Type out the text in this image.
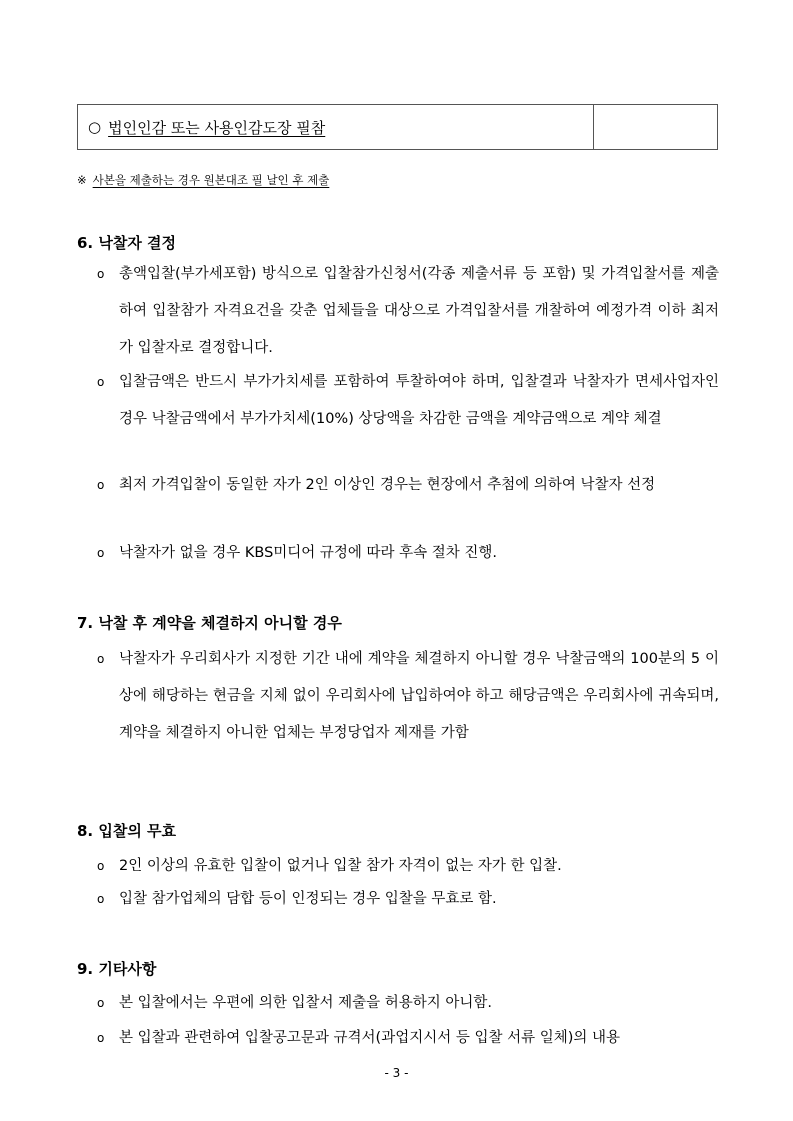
○ 법인인감 또는 사용인감도장 필참
※ 사본을 제출하는 경우 원본대조 필 날인 후 제출
6. 낙찰자 결정
o 총액입찰(부가세포함) 방식으로 입찰참가신청서(각종 제출서류 등 포함) 및 가격입찰서를 제출하여 입찰참가 자격요건을 갖춘 업체들을 대상으로 가격입찰서를 개찰하여 예정가격 이하 최저가 입찰자로 결정합니다.
o 입찰금액은 반드시 부가가치세를 포함하여 투찰하여야 하며, 입찰결과 낙찰자가 면세사업자인 경우 낙찰금액에서 부가가치세(10%) 상당액을 차감한 금액을 계약금액으로 계약 체결
o 최저 가격입찰이 동일한 자가 2인 이상인 경우는 현장에서 추첨에 의하여 낙찰자 선정
o 낙찰자가 없을 경우 KBS미디어 규정에 따라 후속 절차 진행.
7. 낙찰 후 계약을 체결하지 아니할 경우
o 낙찰자가 우리회사가 지정한 기간 내에 계약을 체결하지 아니할 경우 낙찰금액의 100분의 5 이상에 해당하는 현금을 지체 없이 우리회사에 납입하여야 하고 해당금액은 우리회사에 귀속되며, 계약을 체결하지 아니한 업체는 부정당업자 제재를 가함
8. 입찰의 무효
o 2인 이상의 유효한 입찰이 없거나 입찰 참가 자격이 없는 자가 한 입찰.
o 입찰 참가업체의 담합 등이 인정되는 경우 입찰을 무효로 함.
9. 기타사항
o 본 입찰에서는 우편에 의한 입찰서 제출을 허용하지 아니함.
o 본 입찰과 관련하여 입찰공고문과 규격서(과업지시서 등 입찰 서류 일체)의 내용
- 3 -
